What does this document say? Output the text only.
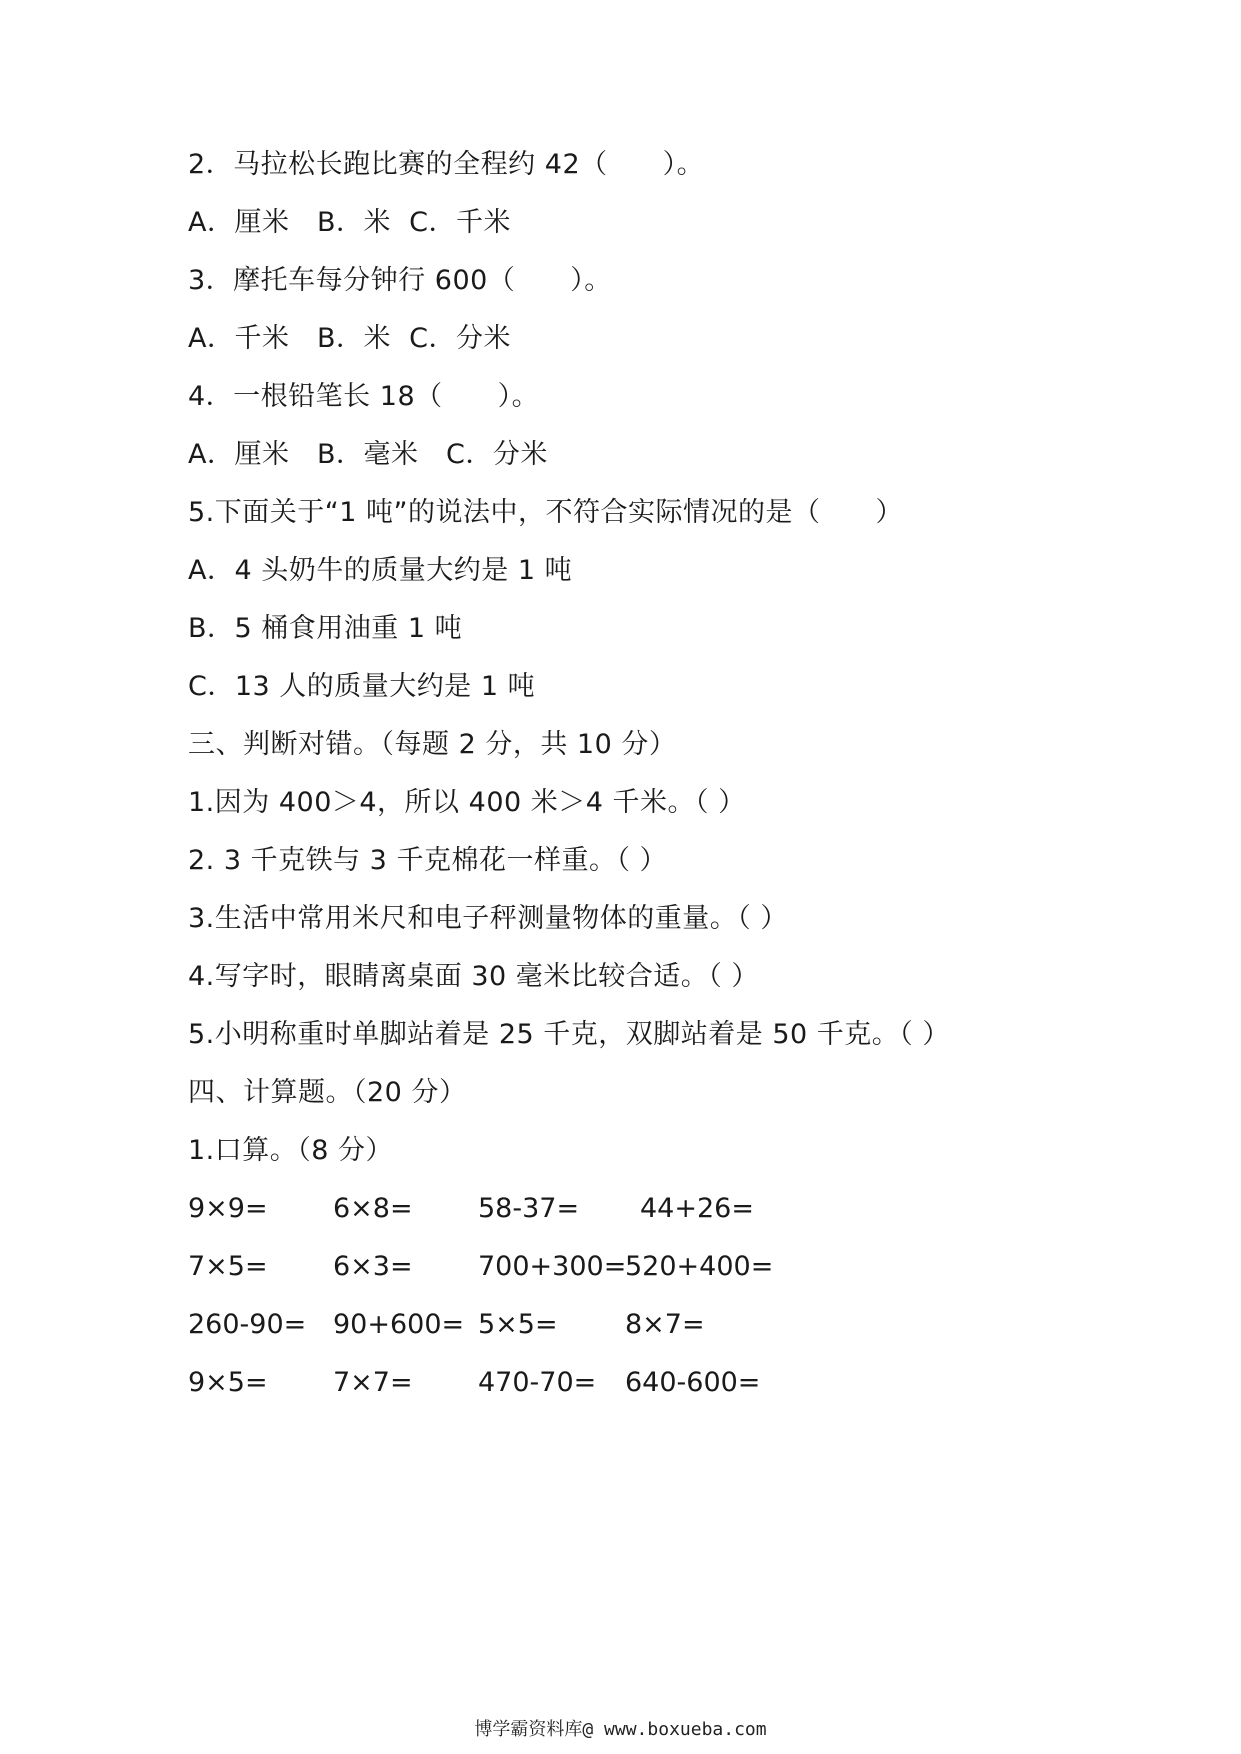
2．马拉松长跑比赛的全程约 42（　　）。
A．厘米　B．米  C．千米
3．摩托车每分钟行 600（　　）。
A．千米　B．米  C．分米
4．一根铅笔长 18（　　）。
A．厘米　B．毫米　C．分米
5.下面关于“1 吨”的说法中，不符合实际情况的是（　　）
A．4 头奶牛的质量大约是 1 吨
B．5 桶食用油重 1 吨
C．13 人的质量大约是 1 吨
三、判断对错。（每题 2 分，共 10 分）
1.因为 400＞4，所以 400 米＞4 千米。（ ）
2. 3 千克铁与 3 千克棉花一样重。（ ）
3.生活中常用米尺和电子秤测量物体的重量。（ ）
4.写字时，眼睛离桌面 30 毫米比较合适。（ ）
5.小明称重时单脚站着是 25 千克，双脚站着是 50 千克。（ ）
四、计算题。（20 分）
1.口算。（8 分）
9×9= 6×8= 58-37= 44+26=
7×5= 6×3= 700+300=
520+400=
260-90= 90+600= 5×5= 8×7=
9×5= 7×7= 470-70= 640-600=
博学霸资料库@ www.boxueba.com
